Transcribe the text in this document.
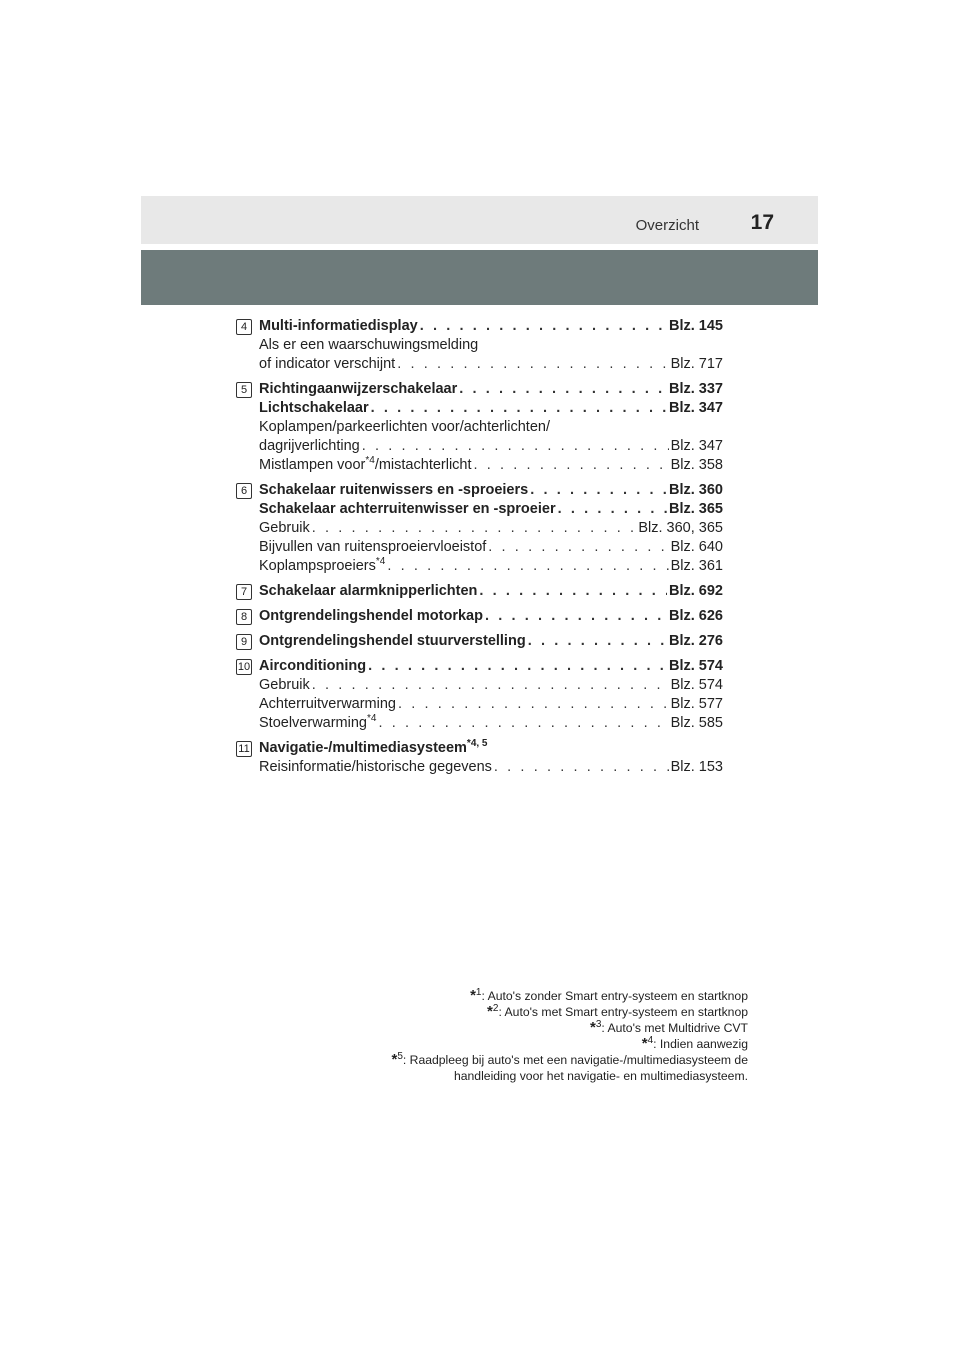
Overzicht 17
4 Multi-informatiedisplay . . .	Blz. 145
Als er een waarschuwingsmelding
of indicator verschijnt . . .	Blz. 717
5 Richtingaanwijzerschakelaar . . .	Blz. 337
Lichtschakelaar . . .	Blz. 347
Koplampen/parkeerlichten voor/achterlichten/
dagrijverlichting . . .	Blz. 347
Mistlampen voor$^{*4}$/mistachterlicht . . .	Blz. 358
6 Schakelaar ruitenwissers en -sproeiers . . .	Blz. 360
Schakelaar achterruitenwisser en -sproeier . . .	Blz. 365
Gebruik . . .	Blz. 360, 365
Bijvullen van ruitensproeiervloeistof . . .	Blz. 640
Koplampsproeiers$^{*4}$ . . .	Blz. 361
7 Schakelaar alarmknipperlichten . . .	Blz. 692
8 Ontgrendelingshendel motorkap . . .	Blz. 626
9 Ontgrendelingshendel stuurverstelling . . .	Blz. 276
10 Airconditioning . . .	Blz. 574
Gebruik . . .	Blz. 574
Achterruitverwarming . . .	Blz. 577
Stoelverwarming$^{*4}$ . . .	Blz. 585
11 Navigatie-/multimediasysteem$^{*4, 5}$
Reisinformatie/historische gegevens . . .	Blz. 153
*$^1$: Auto's zonder Smart entry-systeem en startknop
*$^2$: Auto's met Smart entry-systeem en startknop
*$^3$: Auto's met Multidrive CVT
*$^4$: Indien aanwezig
*$^5$: Raadpleeg bij auto's met een navigatie-/multimediasysteem de
handleiding voor het navigatie- en multimediasysteem.
